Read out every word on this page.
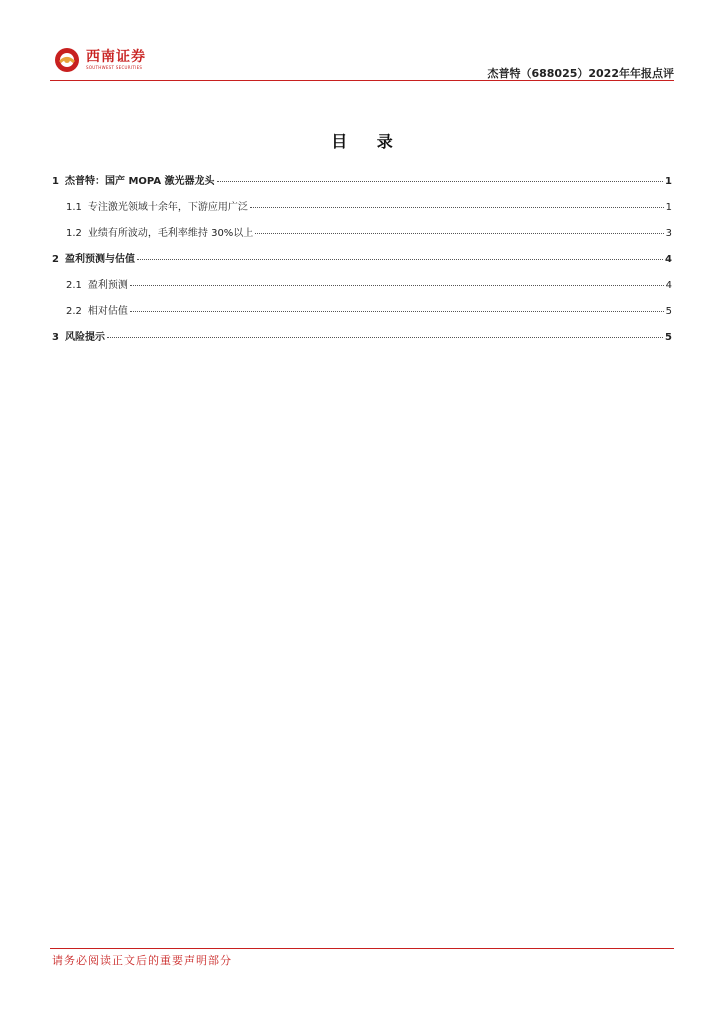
西南证券
SOUTHWEST SECURITIES	杰普特（688025）2022年年报点评
目 录
1 杰普特：国产 MOPA 激光器龙头	1
1.1 专注激光领域十余年，下游应用广泛	1
1.2 业绩有所波动，毛利率维持 30%以上	3
2 盈利预测与估值	4
2.1 盈利预测	4
2.2 相对估值	5
3 风险提示	5
请务必阅读正文后的重要声明部分
